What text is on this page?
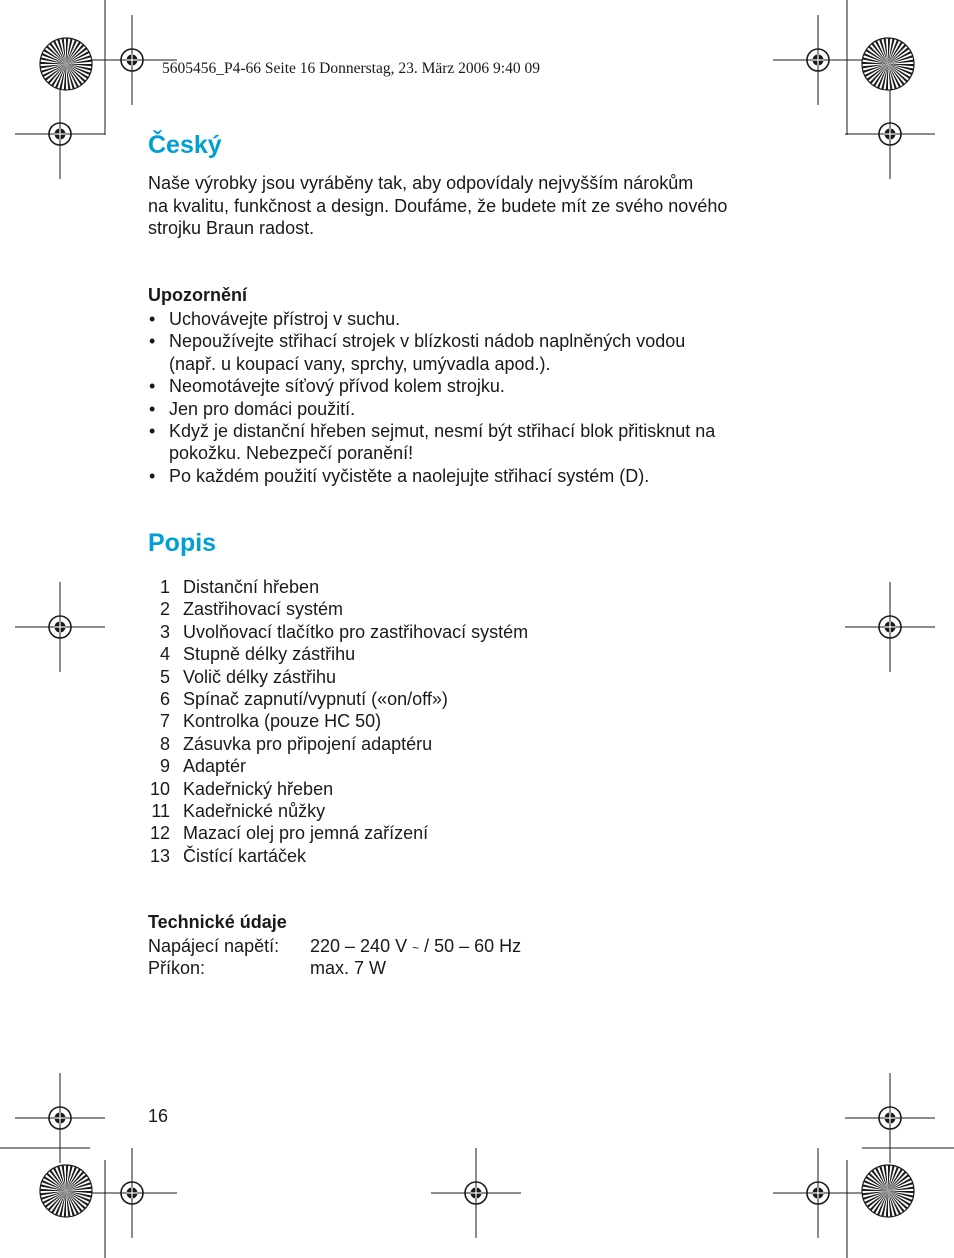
5605456_P4-66 Seite 16 Donnerstag, 23. März 2006 9:40 09

Český

Naše výrobky jsou vyráběny tak, aby odpovídaly nejvyšším nárokům
na kvalitu, funkčnost a design. Doufáme, že budete mít ze svého nového
strojku Braun radost.

Upozornění
• Uchovávejte přístroj v suchu.
• Nepoužívejte střihací strojek v blízkosti nádob naplněných vodou
(např. u koupací vany, sprchy, umývadla apod.).
• Neomotávejte síťový přívod kolem strojku.
• Jen pro domáci použití.
• Když je distanční hřeben sejmut, nesmí být střihací blok přitisknut na
pokožku. Nebezpečí poranění!
• Po každém použití vyčistěte a naolejujte střihací systém (D).
Popis
1 Distanční hřeben
2 Zastřihovací systém
3 Uvolňovací tlačítko pro zastřihovací systém
4 Stupně délky zástřihu
5 Volič délky zástřihu
6 Spínač zapnutí/vypnutí («on/off»)
7 Kontrolka (pouze HC 50)
8 Zásuvka pro připojení adaptéru
9 Adaptér
10 Kadeřnický hřeben
11 Kadeřnické nůžky
12 Mazací olej pro jemná zařízení
13 Čistící kartáček
Technické údaje
Napájecí napětí: 220 – 240 V ~ / 50 – 60 Hz
Příkon:	max. 7 W
16
